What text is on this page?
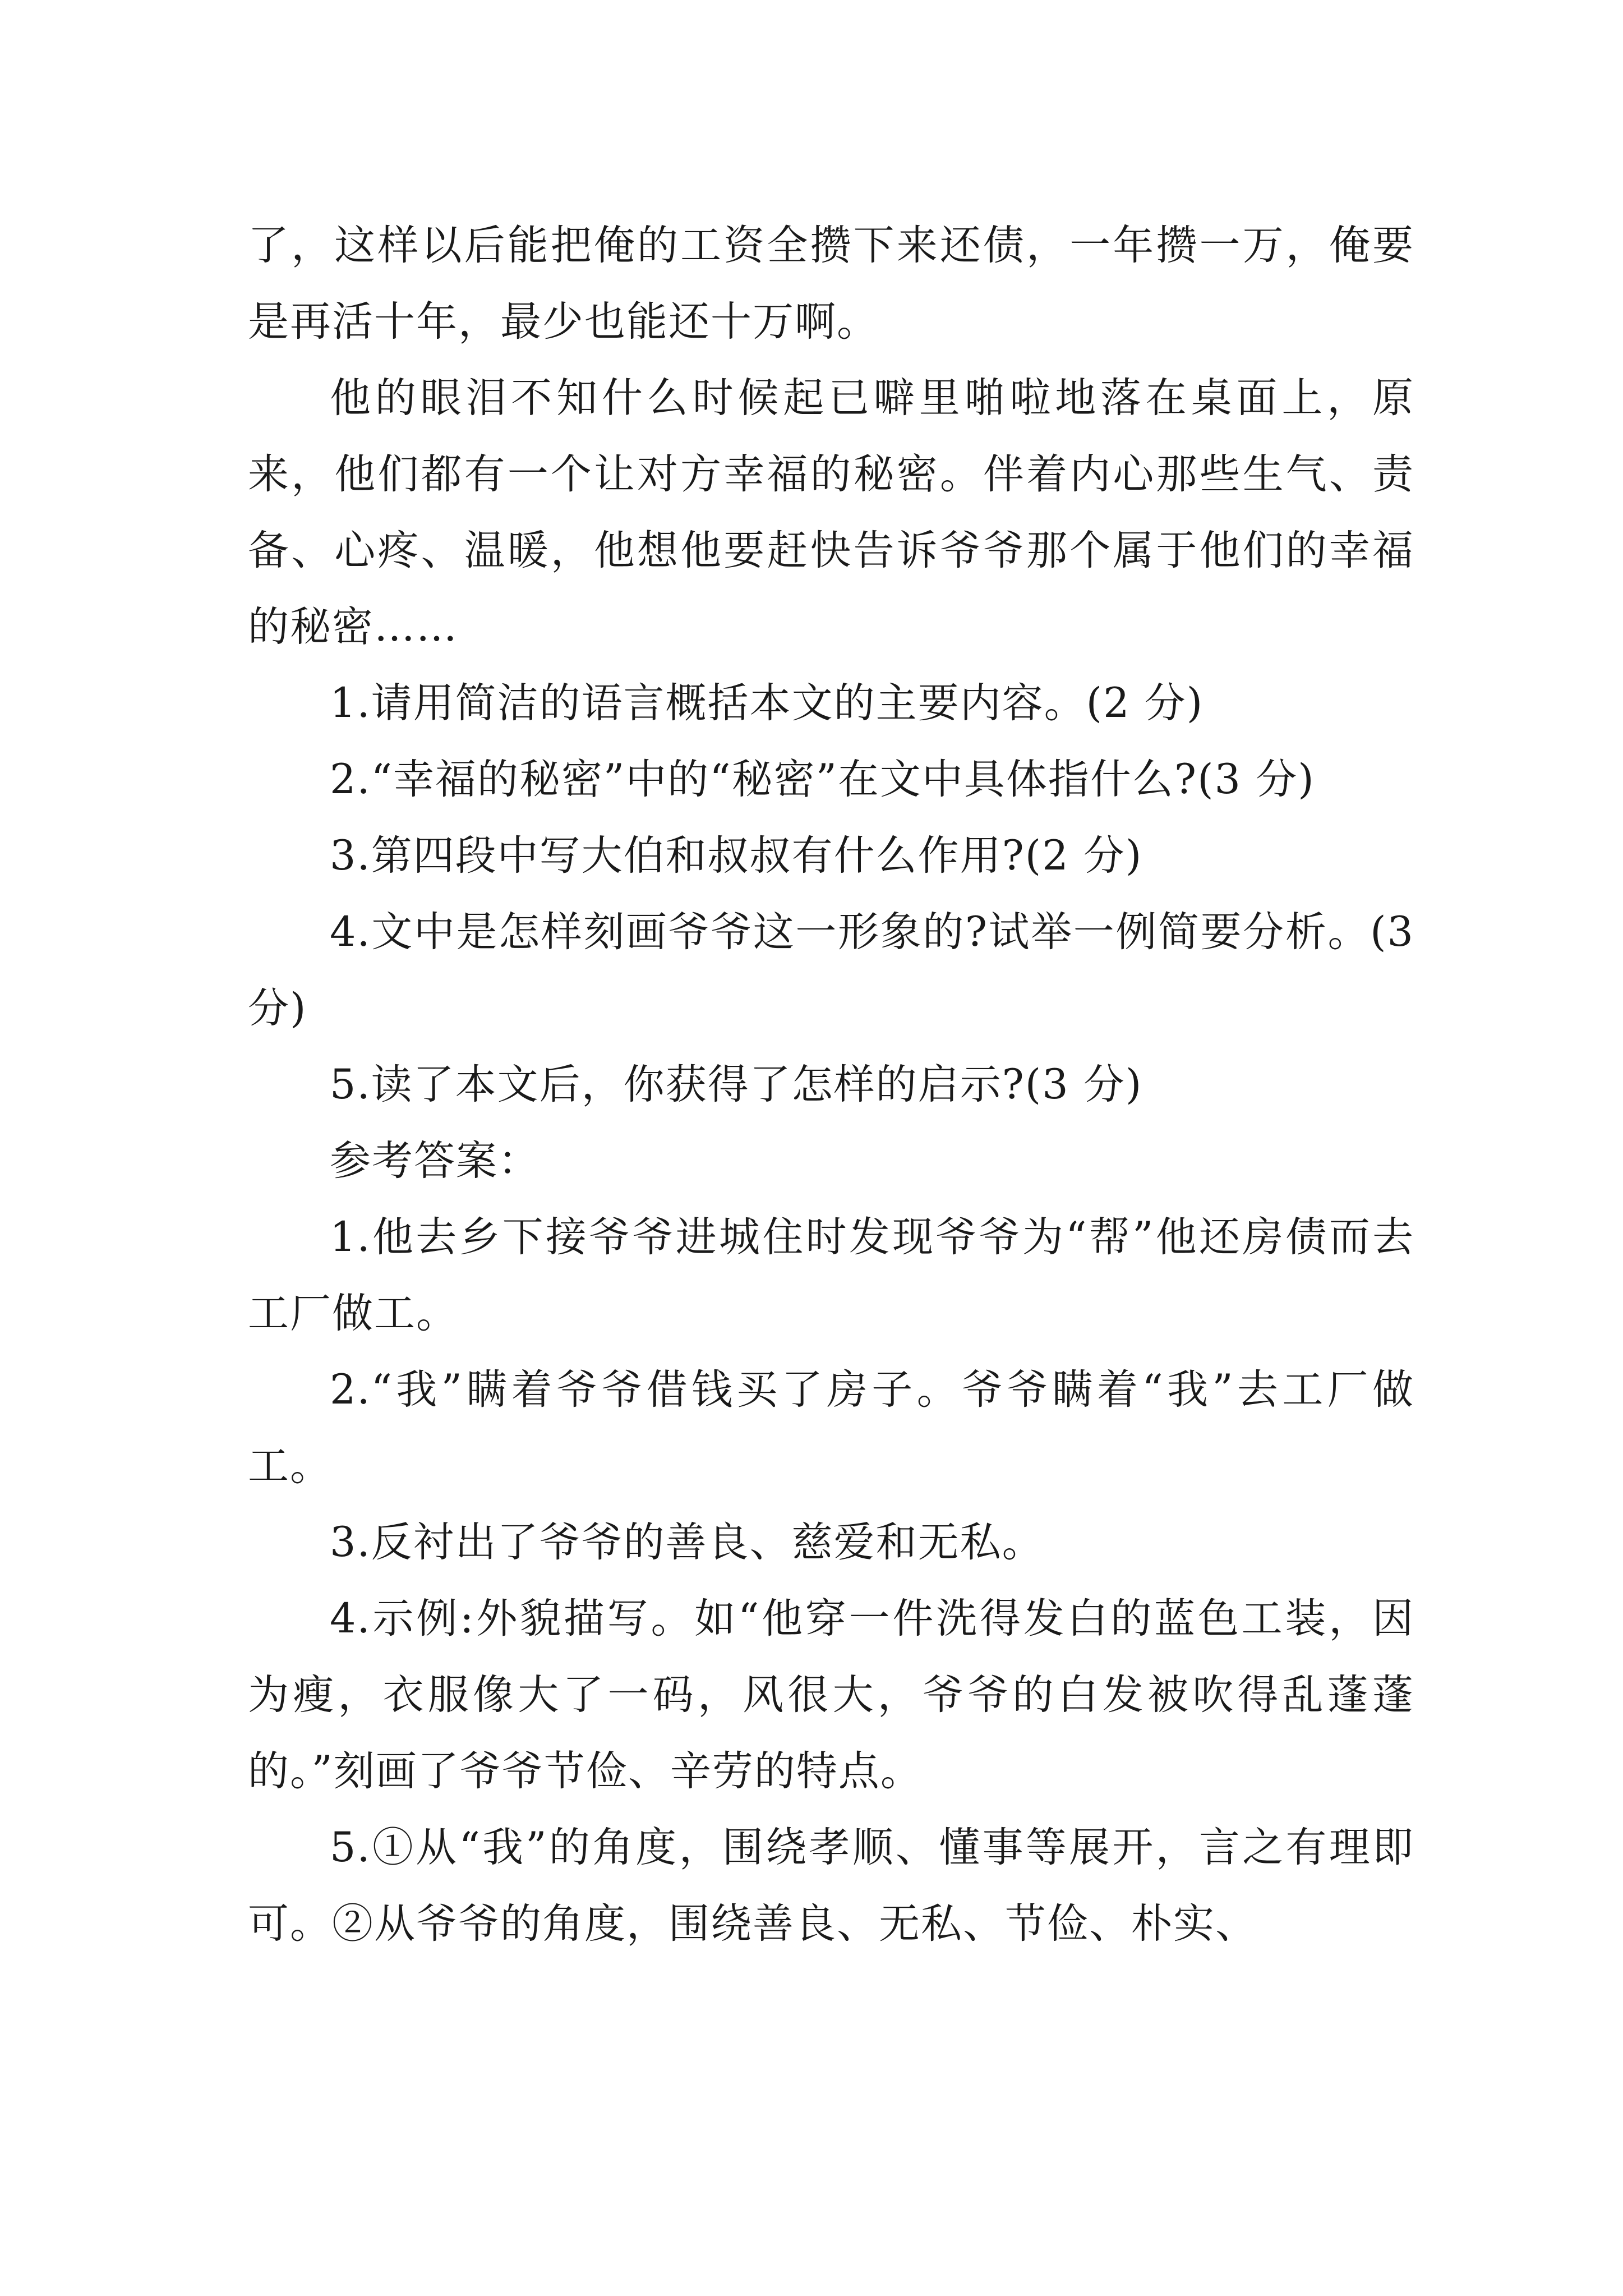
了，这样以后能把俺的工资全攒下来还债，一年攒一万，俺要是再活十年，最少也能还十万啊。

他的眼泪不知什么时候起已噼里啪啦地落在桌面上，原来，他们都有一个让对方幸福的秘密。伴着内心那些生气、责备、心疼、温暖，他想他要赶快告诉爷爷那个属于他们的幸福的秘密……

1.请用简洁的语言概括本文的主要内容。(2 分)

2.“幸福的秘密”中的“秘密”在文中具体指什么?(3 分)

3.第四段中写大伯和叔叔有什么作用?(2 分)

4.文中是怎样刻画爷爷这一形象的?试举一例简要分析。(3 分)

5.读了本文后，你获得了怎样的启示?(3 分)

参考答案：

1.他去乡下接爷爷进城住时发现爷爷为“帮”他还房债而去工厂做工。

2.“我”瞒着爷爷借钱买了房子。爷爷瞒着“我”去工厂做工。

3.反衬出了爷爷的善良、慈爱和无私。

4.示例:外貌描写。如“他穿一件洗得发白的蓝色工装，因为瘦，衣服像大了一码，风很大，爷爷的白发被吹得乱蓬蓬的。”刻画了爷爷节俭、辛劳的特点。

5.①从“我”的角度，围绕孝顺、懂事等展开，言之有理即可。②从爷爷的角度，围绕善良、无私、节俭、朴实、
